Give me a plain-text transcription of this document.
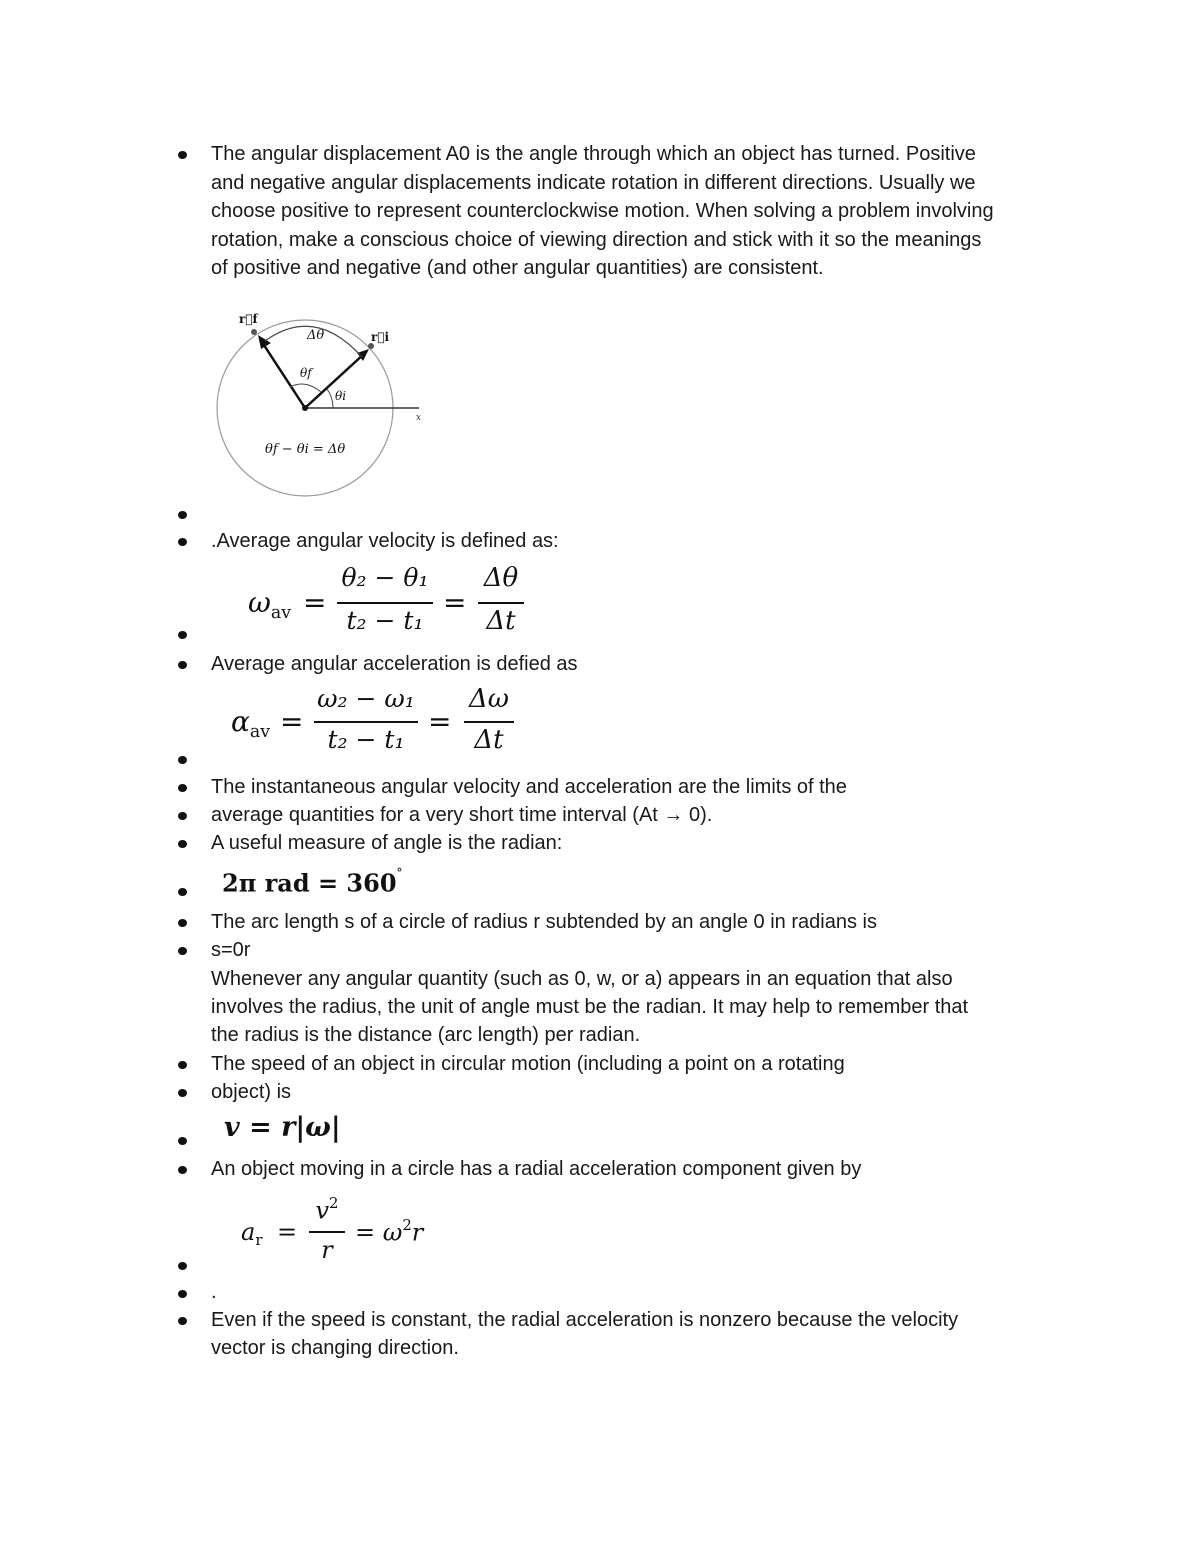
The angular displacement A0 is the angle through which an object has turned. Positive
and negative angular displacements indicate rotation in different directions. Usually we
choose positive to represent counterclockwise motion. When solving a problem involving
rotation, make a conscious choice of viewing direction and stick with it so the meanings
of positive and negative (and other angular quantities) are consistent.
r⃗f
r⃗i
Δθ
θf
θi
x
θf − θi = Δθ
.Average angular velocity is defined as:
$\omega_{av}$ =
θ₂ − θ₁
t₂ − t₁
=
Δθ
Δt
Average angular acceleration is defied as
$\alpha_{av}$ =
ω₂ − ω₁
t₂ − t₁
=
Δω
Δt
The instantaneous angular velocity and acceleration are the limits of the
average quantities for a very short time interval (At → 0).
A useful measure of angle is the radian:
2π rad = 360°
The arc length s of a circle of radius r subtended by an angle 0 in radians is
s=0r
Whenever any angular quantity (such as 0, w, or a) appears in an equation that also
involves the radius, the unit of angle must be the radian. It may help to remember that
the radius is the distance (arc length) per radian.
The speed of an object in circular motion (including a point on a rotating
object) is
v = r|ω|
An object moving in a circle has a radial acceleration component given by
$a_r$ =
$v^2$
r
= $\omega^2r$
.
Even if the speed is constant, the radial acceleration is nonzero because the velocity
vector is changing direction.
